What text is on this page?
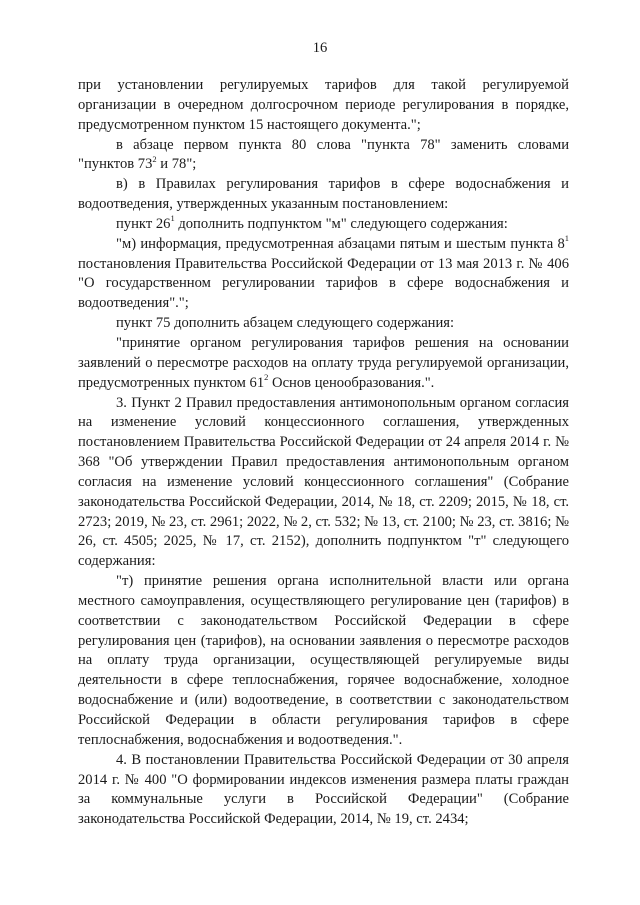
16

при установлении регулируемых тарифов для такой регулируемой организации в очередном долгосрочном периоде регулирования в порядке, предусмотренном пунктом 15 настоящего документа.";

в абзаце первом пункта 80 слова "пункта 78" заменить словами "пунктов $73^2$ и 78";

в) в Правилах регулирования тарифов в сфере водоснабжения и водоотведения, утвержденных указанным постановлением:

пункт $26^1$ дополнить подпунктом "м" следующего содержания:

"м) информация, предусмотренная абзацами пятым и шестым пункта $8^1$ постановления Правительства Российской Федерации от 13 мая 2013 г. № 406 "О государственном регулировании тарифов в сфере водоснабжения и водоотведения".";

пункт 75 дополнить абзацем следующего содержания:

"принятие органом регулирования тарифов решения на основании заявлений о пересмотре расходов на оплату труда регулируемой организации, предусмотренных пунктом $61^2$ Основ ценообразования.".

3. Пункт 2 Правил предоставления антимонопольным органом согласия на изменение условий концессионного соглашения, утвержденных постановлением Правительства Российской Федерации от 24 апреля 2014 г. № 368 "Об утверждении Правил предоставления антимонопольным органом согласия на изменение условий концессионного соглашения" (Собрание законодательства Российской Федерации, 2014, № 18, ст. 2209; 2015, № 18, ст. 2723; 2019, № 23, ст. 2961; 2022, № 2, ст. 532; № 13, ст. 2100; № 23, ст. 3816; № 26, ст. 4505; 2025, № 17, ст. 2152), дополнить подпунктом "т" следующего содержания:

"т) принятие решения органа исполнительной власти или органа местного самоуправления, осуществляющего регулирование цен (тарифов) в соответствии с законодательством Российской Федерации в сфере регулирования цен (тарифов), на основании заявления о пересмотре расходов на оплату труда организации, осуществляющей регулируемые виды деятельности в сфере теплоснабжения, горячее водоснабжение, холодное водоснабжение и (или) водоотведение, в соответствии с законодательством Российской Федерации в области регулирования тарифов в сфере теплоснабжения, водоснабжения и водоотведения.".

4. В постановлении Правительства Российской Федерации от 30 апреля 2014 г. № 400 "О формировании индексов изменения размера платы граждан за коммунальные услуги в Российской Федерации" (Собрание законодательства Российской Федерации, 2014, № 19, ст. 2434;
